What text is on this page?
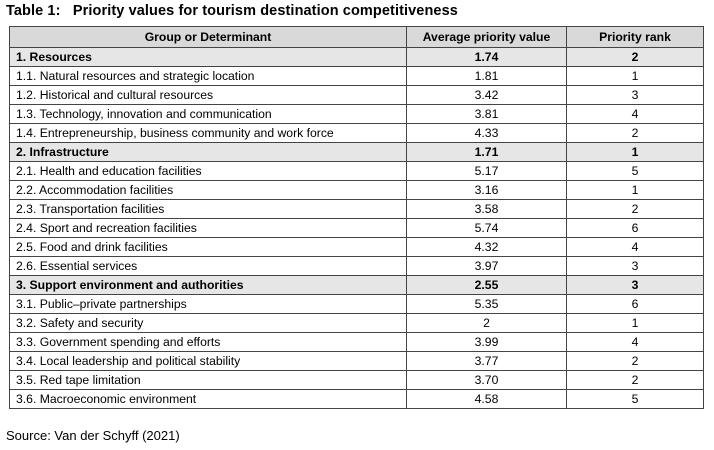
Table 1:   Priority values for tourism destination competitiveness
Group or Determinant	Average priority value	Priority rank
1. Resources	1.74	2
1.1. Natural resources and strategic location	1.81	1
1.2. Historical and cultural resources	3.42	3
1.3. Technology, innovation and communication	3.81	4
1.4. Entrepreneurship, business community and work force	4.33	2
2. Infrastructure	1.71	1
2.1. Health and education facilities	5.17	5
2.2. Accommodation facilities	3.16	1
2.3. Transportation facilities	3.58	2
2.4. Sport and recreation facilities	5.74	6
2.5. Food and drink facilities	4.32	4
2.6. Essential services	3.97	3
3. Support environment and authorities	2.55	3
3.1. Public–private partnerships	5.35	6
3.2. Safety and security	2	1
3.3. Government spending and efforts	3.99	4
3.4. Local leadership and political stability	3.77	2
3.5. Red tape limitation	3.70	2
3.6. Macroeconomic environment	4.58	5
Source: Van der Schyff (2021)
